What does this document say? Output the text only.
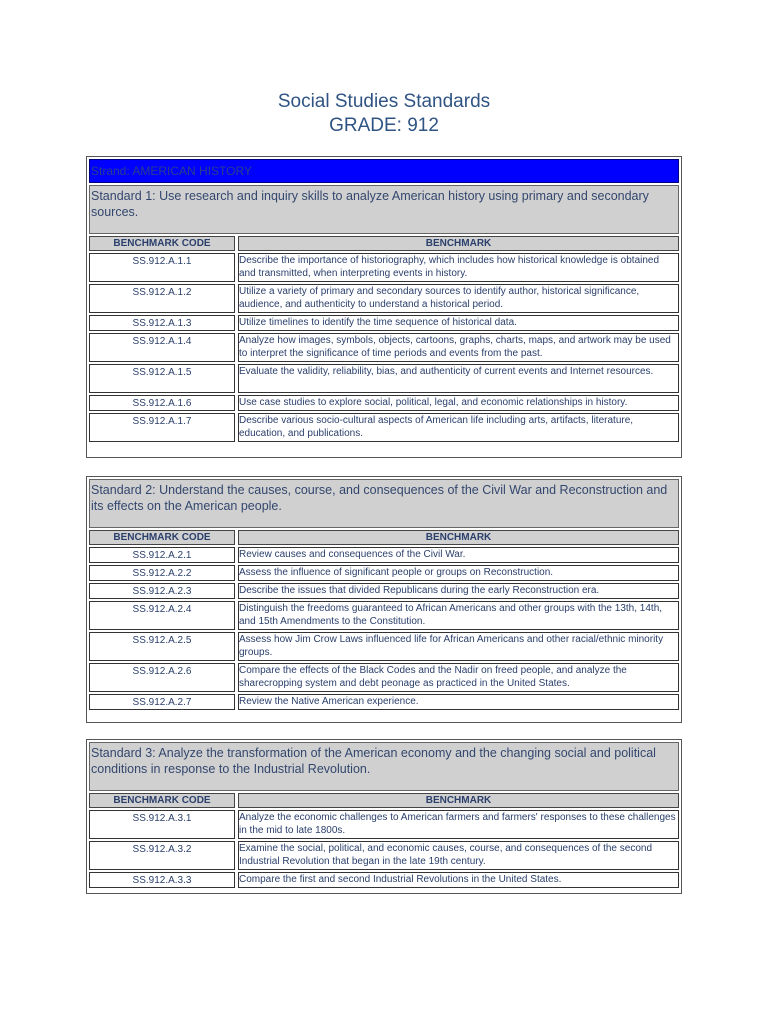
Social Studies Standards
GRADE: 912
Strand: AMERICAN HISTORY
Standard 1: Use research and inquiry skills to analyze American history using primary and secondary sources.
BENCHMARK CODE	BENCHMARK
SS.912.A.1.1	Describe the importance of historiography, which includes how historical knowledge is obtained and transmitted, when interpreting events in history.
SS.912.A.1.2	Utilize a variety of primary and secondary sources to identify author, historical significance, audience, and authenticity to understand a historical period.
SS.912.A.1.3	Utilize timelines to identify the time sequence of historical data.
SS.912.A.1.4	Analyze how images, symbols, objects, cartoons, graphs, charts, maps, and artwork may be used to interpret the significance of time periods and events from the past.
SS.912.A.1.5	Evaluate the validity, reliability, bias, and authenticity of current events and Internet resources.
SS.912.A.1.6	Use case studies to explore social, political, legal, and economic relationships in history.
SS.912.A.1.7	Describe various socio-cultural aspects of American life including arts, artifacts, literature, education, and publications.
Standard 2: Understand the causes, course, and consequences of the Civil War and Reconstruction and its effects on the American people.
BENCHMARK CODE	BENCHMARK
SS.912.A.2.1	Review causes and consequences of the Civil War.
SS.912.A.2.2	Assess the influence of significant people or groups on Reconstruction.
SS.912.A.2.3	Describe the issues that divided Republicans during the early Reconstruction era.
SS.912.A.2.4	Distinguish the freedoms guaranteed to African Americans and other groups with the 13th, 14th, and 15th Amendments to the Constitution.
SS.912.A.2.5	Assess how Jim Crow Laws influenced life for African Americans and other racial/ethnic minority groups.
SS.912.A.2.6	Compare the effects of the Black Codes and the Nadir on freed people, and analyze the sharecropping system and debt peonage as practiced in the United States.
SS.912.A.2.7	Review the Native American experience.
Standard 3: Analyze the transformation of the American economy and the changing social and political conditions in response to the Industrial Revolution.
BENCHMARK CODE	BENCHMARK
SS.912.A.3.1	Analyze the economic challenges to American farmers and farmers' responses to these challenges in the mid to late 1800s.
SS.912.A.3.2	Examine the social, political, and economic causes, course, and consequences of the second Industrial Revolution that began in the late 19th century.
SS.912.A.3.3	Compare the first and second Industrial Revolutions in the United States.
